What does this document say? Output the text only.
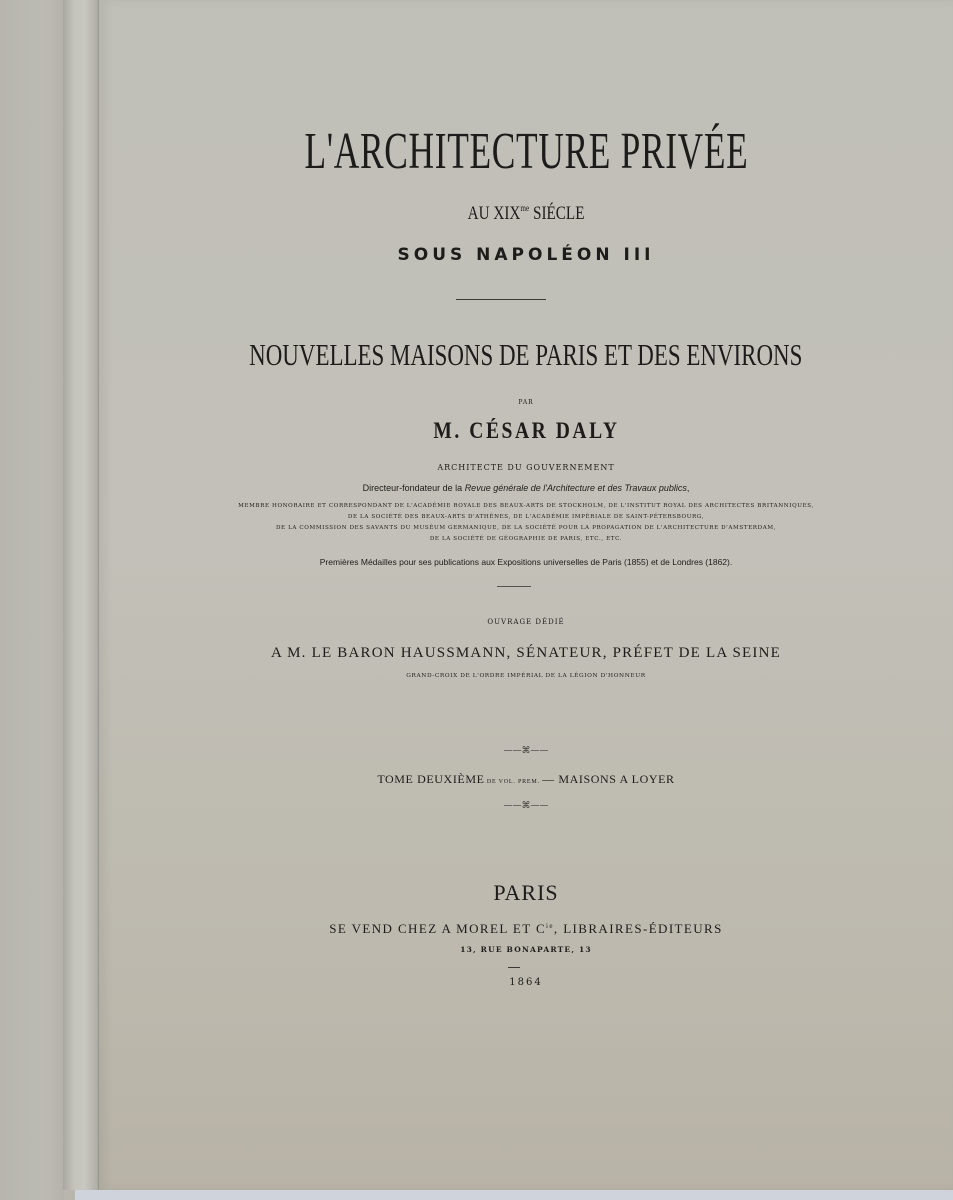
L'ARCHITECTURE PRIVÉE
AU $XIX^{me}$ SIÉCLE
SOUS NAPOLÉON III
NOUVELLES MAISONS DE PARIS ET DES ENVIRONS
PAR
M. CÉSAR DALY
ARCHITECTE DU GOUVERNEMENT
Directeur-fondateur de la Revue générale de l'Architecture et des Travaux publics,
MEMBRE HONORAIRE ET CORRESPONDANT DE L'ACADÉMIE ROYALE DES BEAUX-ARTS DE STOCKHOLM, DE L'INSTITUT ROYAL DES ARCHITECTES BRITANNIQUES,
DE LA SOCIÉTÉ DES BEAUX-ARTS D'ATHÈNES, DE L'ACADÉMIE IMPÉRIALE DE SAINT-PÉTERSBOURG,
DE LA COMMISSION DES SAVANTS DU MUSÉUM GERMANIQUE, DE LA SOCIÉTÉ POUR LA PROPAGATION DE L'ARCHITECTURE D'AMSTERDAM,
DE LA SOCIÉTÉ DE GÉOGRAPHIE DE PARIS, ETC., ETC.
Premières Médailles pour ses publications aux Expositions universelles de Paris (1855) et de Londres (1862).
OUVRAGE DÉDIÉ
A M. LE BARON HAUSSMANN, SÉNATEUR, PRÉFET DE LA SEINE
GRAND-CROIX DE L'ORDRE IMPÉRIAL DE LA LÉGION D'HONNEUR
——⌘——
TOME DEUXIÈME DE VOL. PREM. — MAISONS A LOYER
——⌘——
PARIS
SE VEND CHEZ A MOREL ET $C^{ie}$, LIBRAIRES-ÉDITEURS
13, RUE BONAPARTE, 13
1864
